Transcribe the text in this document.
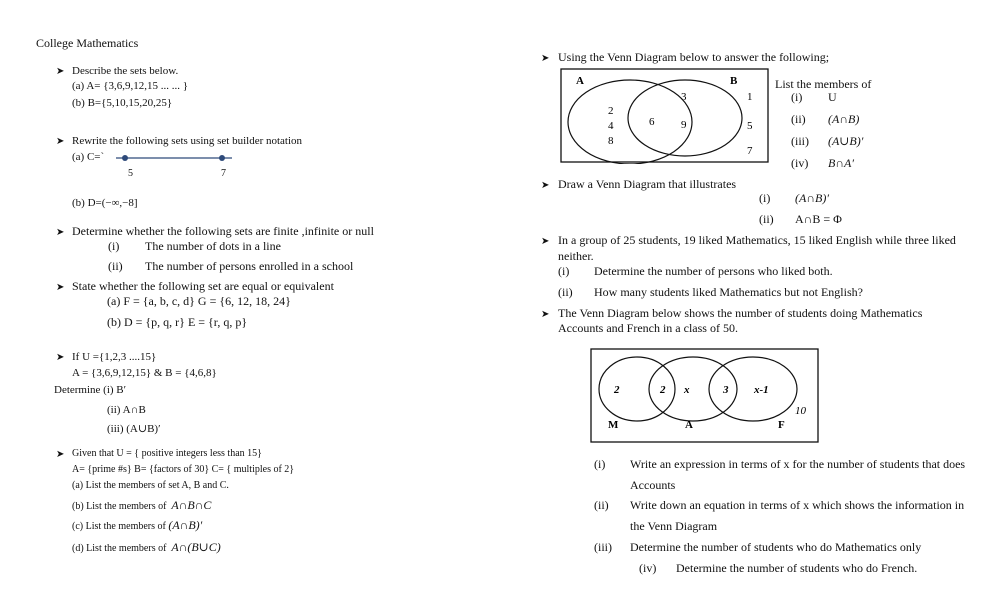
College Mathematics
➤ Describe the sets below.
(a) A= {3,6,9,12,15 ... ... }
(b) B={5,10,15,20,25}
➤ Rewrite the following sets using set builder notation
(a) C=`
5	7
(b) D=(−∞,−8]
➤ Determine whether the following sets are finite ,infinite or null
(i) The number of dots in a line
(ii) The number of persons enrolled in a school
➤ State whether the following set are equal or equivalent
(a) F = {a, b, c, d} G = {6, 12, 18, 24}
(b) D = {p, q, r} E = {r, q, p}
➤ If U ={1,2,3 ....15}
A = {3,6,9,12,15} & B = {4,6,8}
Determine (i) B′
(ii) A∩B
(iii) (A∪B)′
➤ Given that U = { positive integers less than 15}
A= {prime #s} B= {factors of 30} C= { multiples of 2}
(a) List the members of set A, B and C.
(b) List the members of A∩B∩C
(c) List the members of (A∩B)′
(d) List the members of A∩(B∪C)
➤ Using the Venn Diagram below to answer the following;
A	B
2
4
8
6
3
9
1
5
7
List the members of
(i) U
(ii) (A∩B)
(iii) (A∪B)′
(iv) B∩A′
➤ Draw a Venn Diagram that illustrates
(i) (A∩B)′
(ii) A∩B = Φ
➤ In a group of 25 students, 19 liked Mathematics, 15 liked English while three liked
neither.
(i) Determine the number of persons who liked both.
(ii) How many students liked Mathematics but not English?
➤ The Venn Diagram below shows the number of students doing Mathematics
Accounts and French in a class of 50.
2	2 x	3 x-1
10
M	A	F
(i) Write an expression in terms of x for the number of students that does
Accounts
(ii) Write down an equation in terms of x which shows the information in
the Venn Diagram
(iii) Determine the number of students who do Mathematics only
(iv) Determine the number of students who do French.
